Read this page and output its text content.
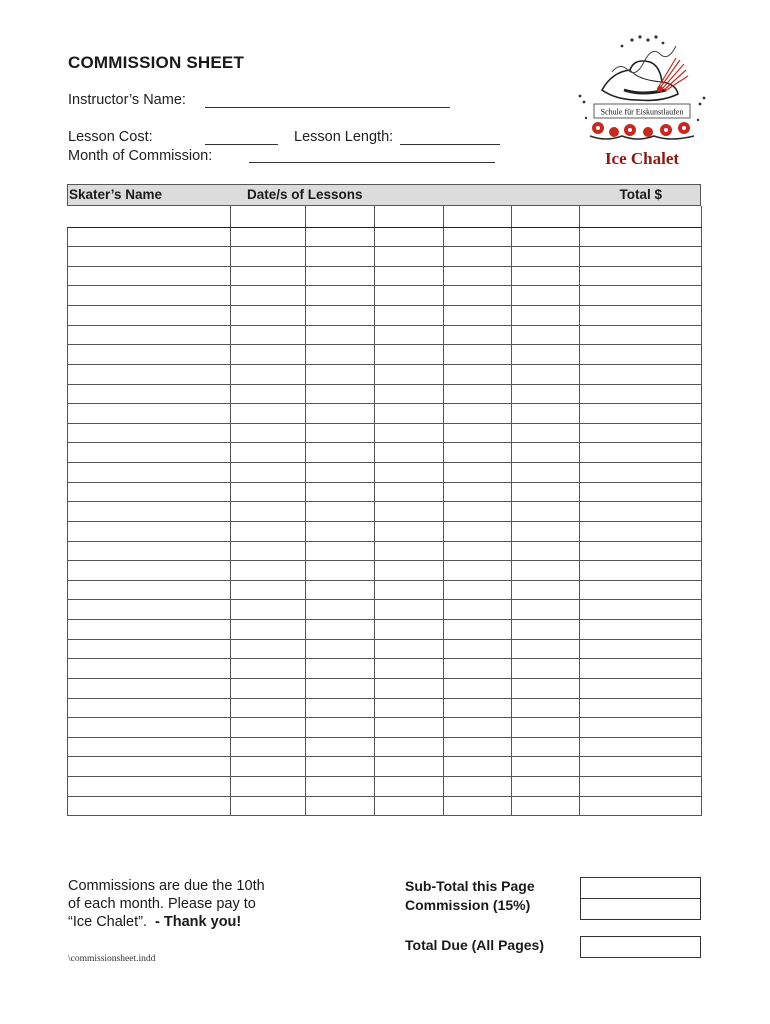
COMMISSION SHEET
Instructor’s Name:
Lesson Cost:	Lesson Length:
Month of Commission:
Schule für Eiskunstlaufen
Ice Chalet
Skater’s Name	Date/s of Lessons	Total $

Commissions are due the 10th
of each month. Please pay to
“Ice Chalet”. - Thank you!
\commissionsheet.indd
Sub-Total this Page
Commission (15%)
Total Due (All Pages)
